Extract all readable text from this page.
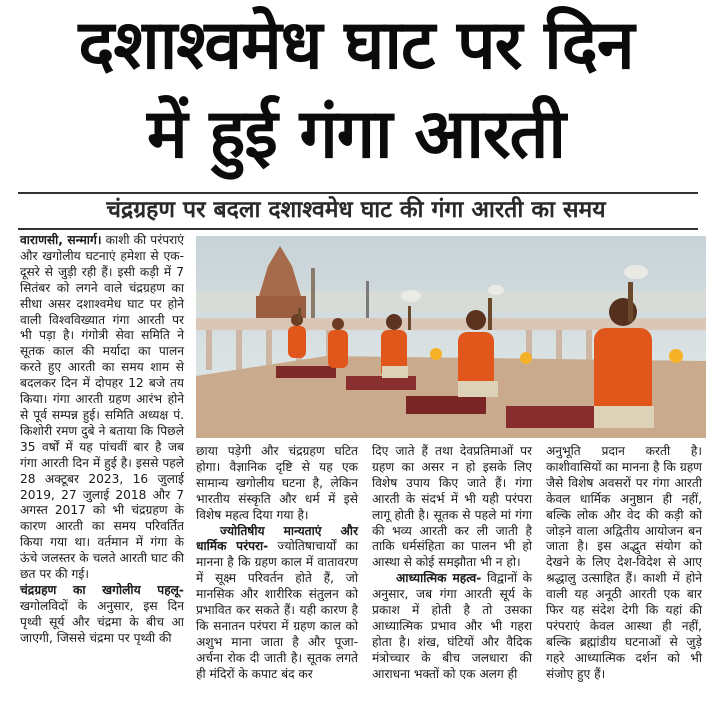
दशाश्वमेध घाट पर दिन
में हुई गंगा आरती
चंद्रग्रहण पर बदला दशाश्वमेध घाट की गंगा आरती का समय

वाराणसी, सन्मार्ग। काशी की परंपराएं और खगोलीय घटनाएं हमेशा से एक-दूसरे से जुड़ी रही हैं। इसी कड़ी में 7 सितंबर को लगने वाले चंद्रग्रहण का सीधा असर दशाश्वमेध घाट पर होने वाली विश्वविख्यात गंगा आरती पर भी पड़ा है। गंगोत्री सेवा समिति ने सूतक काल की मर्यादा का पालन करते हुए आरती का समय शाम से बदलकर दिन में दोपहर 12 बजे तय किया। गंगा आरती ग्रहण आरंभ होने से पूर्व सम्पन्न हुई। समिति अध्यक्ष पं. किशोरी रमण दुबे ने बताया कि पिछले 35 वर्षों में यह पांचवीं बार है जब गंगा आरती दिन में हुई है। इससे पहले 28 अक्टूबर 2023, 16 जुलाई 2019, 27 जुलाई 2018 और 7 अगस्त 2017 को भी चंद्रग्रहण के कारण आरती का समय परिवर्तित किया गया था। वर्तमान में गंगा के ऊंचे जलस्तर के चलते आरती घाट की छत पर की गई।

चंद्रग्रहण का खगोलीय पहलू- खगोलविदों के अनुसार, इस दिन पृथ्वी सूर्य और चंद्रमा के बीच आ जाएगी, जिससे चंद्रमा पर पृथ्वी की

छाया पड़ेगी और चंद्रग्रहण घटित होगा। वैज्ञानिक दृष्टि से यह एक सामान्य खगोलीय घटना है, लेकिन भारतीय संस्कृति और धर्म में इसे विशेष महत्व दिया गया है।

ज्योतिषीय मान्यताएं और धार्मिक परंपरा- ज्योतिषाचार्यों का मानना है कि ग्रहण काल में वातावरण में सूक्ष्म परिवर्तन होते हैं, जो मानसिक और शारीरिक संतुलन को प्रभावित कर सकते हैं। यही कारण है कि सनातन परंपरा में ग्रहण काल को अशुभ माना जाता है और पूजा-अर्चना रोक दी जाती है। सूतक लगते ही मंदिरों के कपाट बंद कर

दिए जाते हैं तथा देवप्रतिमाओं पर ग्रहण का असर न हो इसके लिए विशेष उपाय किए जाते हैं। गंगा आरती के संदर्भ में भी यही परंपरा लागू होती है। सूतक से पहले मां गंगा की भव्य आरती कर ली जाती है ताकि धर्मसंहिता का पालन भी हो आस्था से कोई समझौता भी न हो।

आध्यात्मिक महत्व- विद्वानों के अनुसार, जब गंगा आरती सूर्य के प्रकाश में होती है तो उसका आध्यात्मिक प्रभाव और भी गहरा होता है। शंख, घंटियों और वैदिक मंत्रोच्चार के बीच जलधारा की आराधना भक्तों को एक अलग ही

अनुभूति प्रदान करती है। काशीवासियों का मानना है कि ग्रहण जैसे विशेष अवसरों पर गंगा आरती केवल धार्मिक अनुष्ठान ही नहीं, बल्कि लोक और वेद की कड़ी को जोड़ने वाला अद्वितीय आयोजन बन जाता है। इस अद्भुत संयोग को देखने के लिए देश-विदेश से आए श्रद्धालु उत्साहित हैं। काशी में होने वाली यह अनूठी आरती एक बार फिर यह संदेश देगी कि यहां की परंपराएं केवल आस्था ही नहीं, बल्कि ब्रह्मांडीय घटनाओं से जुड़े गहरे आध्यात्मिक दर्शन को भी संजोए हुए हैं।
